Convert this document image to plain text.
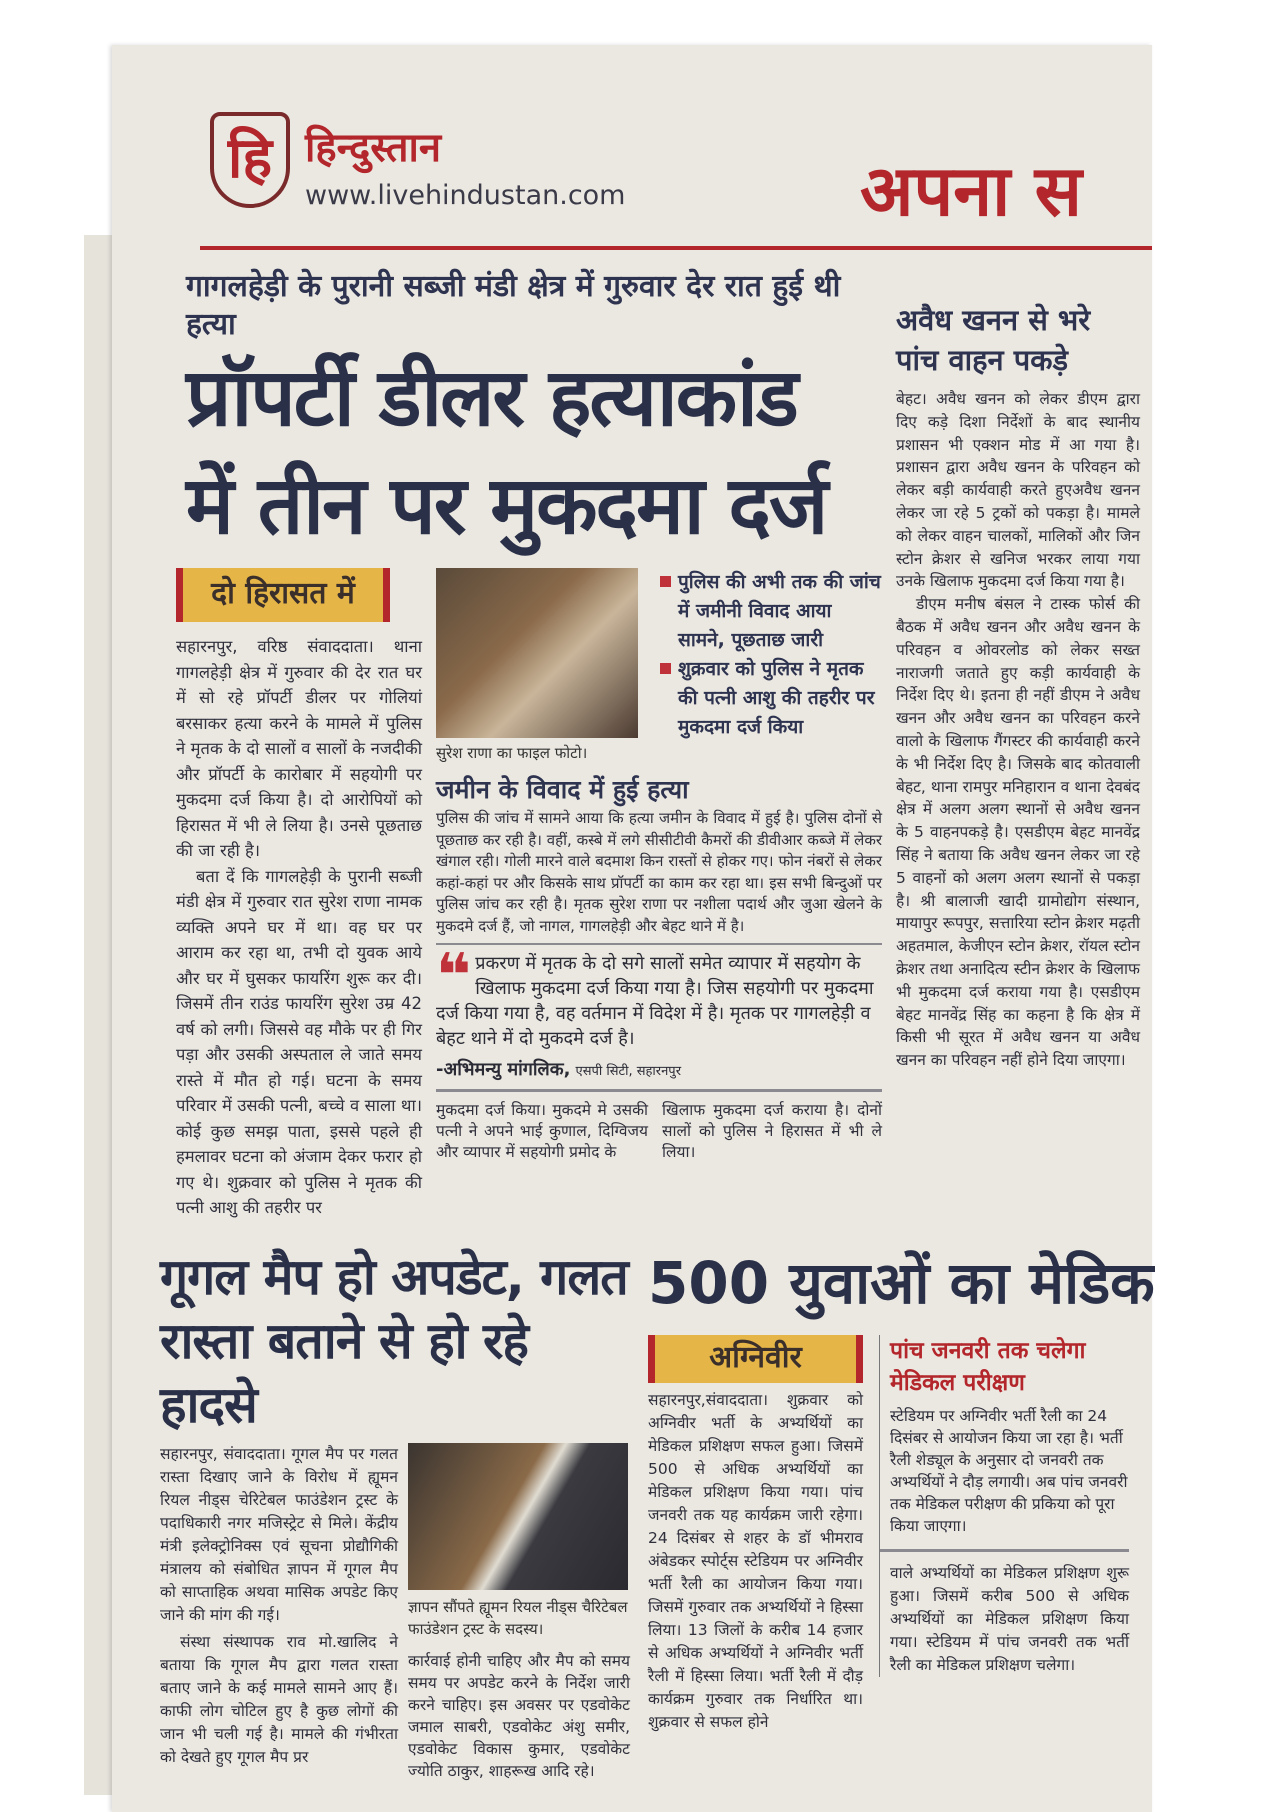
हि हिन्दुस्तान
www.livehindustan.com	अपना स
गागलहेड़ी के पुरानी सब्जी मंडी क्षेत्र में गुरुवार देर रात हुई थी हत्या
प्रॉपर्टी डीलर हत्याकांड
में तीन पर मुकदमा दर्ज
दो हिरासत में

सहारनपुर, वरिष्ठ संवाददाता। थाना गागलहेड़ी क्षेत्र में गुरुवार की देर रात घर में सो रहे प्रॉपर्टी डीलर पर गोलियां बरसाकर हत्या करने के मामले में पुलिस ने मृतक के दो सालों व सालों के नजदीकी और प्रॉपर्टी के कारोबार में सहयोगी पर मुकदमा दर्ज किया है। दो आरोपियों को हिरासत में भी ले लिया है। उनसे पूछताछ की जा रही है।

बता दें कि गागलहेड़ी के पुरानी सब्जी मंडी क्षेत्र में गुरुवार रात सुरेश राणा नामक व्यक्ति अपने घर में था। वह घर पर आराम कर रहा था, तभी दो युवक आये और घर में घुसकर फायरिंग शुरू कर दी। जिसमें तीन राउंड फायरिंग सुरेश उम्र 42 वर्ष को लगी। जिससे वह मौके पर ही गिर पड़ा और उसकी अस्पताल ले जाते समय रास्ते में मौत हो गई। घटना के समय परिवार में उसकी पत्नी, बच्चे व साला था। कोई कुछ समझ पाता, इससे पहले ही हमलावर घटना को अंजाम देकर फरार हो गए थे। शुक्रवार को पुलिस ने मृतक की पत्नी आशु की तहरीर पर

सुरेश राणा का फाइल फोटो।
पुलिस की अभी तक की जांच में जमीनी विवाद आया सामने, पूछताछ जारी
शुक्रवार को पुलिस ने मृतक की पत्नी आशु की तहरीर पर मुकदमा दर्ज किया
जमीन के विवाद में हुई हत्या
पुलिस की जांच में सामने आया कि हत्या जमीन के विवाद में हुई है। पुलिस दोनों से पूछताछ कर रही है। वहीं, कस्बे में लगे सीसीटीवी कैमरों की डीवीआर कब्जे में लेकर खंगाल रही। गोली मारने वाले बदमाश किन रास्तों से होकर गए। फोन नंबरों से लेकर कहां-कहां पर और किसके साथ प्रॉपर्टी का काम कर रहा था। इस सभी बिन्दुओं पर पुलिस जांच कर रही है। मृतक सुरेश राणा पर नशीला पदार्थ और जुआ खेलने के मुकदमे दर्ज हैं, जो नागल, गागलहेड़ी और बेहट थाने में है।
❝ प्रकरण में मृतक के दो सगे सालों समेत व्यापार में सहयोग के खिलाफ मुकदमा दर्ज किया गया है। जिस सहयोगी पर मुकदमा दर्ज किया गया है, वह वर्तमान में विदेश में है। मृतक पर गागलहेड़ी व बेहट थाने में दो मुकदमे दर्ज है।
-अभिमन्यु मांगलिक, एसपी सिटी, सहारनपुर
मुकदमा दर्ज किया। मुकदमे मे उसकी पत्नी ने अपने भाई कुणाल, दिग्विजय और व्यापार में सहयोगी प्रमोद के
खिलाफ मुकदमा दर्ज कराया है। दोनों सालों को पुलिस ने हिरासत में भी ले लिया।
अवैध खनन से भरे पांच वाहन पकड़े

बेहट। अवैध खनन को लेकर डीएम द्वारा दिए कड़े दिशा निर्देशों के बाद स्थानीय प्रशासन भी एक्शन मोड में आ गया है। प्रशासन द्वारा अवैध खनन के परिवहन को लेकर बड़ी कार्यवाही करते हुएअवैध खनन लेकर जा रहे 5 ट्रकों को पकड़ा है। मामले को लेकर वाहन चालकों, मालिकों और जिन स्टोन क्रेशर से खनिज भरकर लाया गया उनके खिलाफ मुकदमा दर्ज किया गया है।

डीएम मनीष बंसल ने टास्क फोर्स की बैठक में अवैध खनन और अवैध खनन के परिवहन व ओवरलोड को लेकर सख्त नाराजगी जताते हुए कड़ी कार्यवाही के निर्देश दिए थे। इतना ही नहीं डीएम ने अवैध खनन और अवैध खनन का परिवहन करने वालो के खिलाफ गैंगस्टर की कार्यवाही करने के भी निर्देश दिए है। जिसके बाद कोतवाली बेहट, थाना रामपुर मनिहारान व थाना देवबंद क्षेत्र में अलग अलग स्थानों से अवैध खनन के 5 वाहनपकड़े है। एसडीएम बेहट मानवेंद्र सिंह ने बताया कि अवैध खनन लेकर जा रहे 5 वाहनों को अलग अलग स्थानों से पकड़ा है। श्री बालाजी खादी ग्रामोद्योग संस्थान, मायापुर रूपपुर, सत्तारिया स्टोन क्रेशर मढ़ती अहतमाल, केजीएन स्टोन क्रेशर, रॉयल स्टोन क्रेशर तथा अनादित्य स्टीन क्रेशर के खिलाफ भी मुकदमा दर्ज कराया गया है। एसडीएम बेहट मानवेंद्र सिंह का कहना है कि क्षेत्र में किसी भी सूरत में अवैध खनन या अवैध खनन का परिवहन नहीं होने दिया जाएगा।

गूगल मैप हो अपडेट, गलत रास्ता बताने से हो रहे हादसे

सहारनपुर, संवाददाता। गूगल मैप पर गलत रास्ता दिखाए जाने के विरोध में ह्यूमन रियल नीड्स चेरिटेबल फाउंडेशन ट्रस्ट के पदाधिकारी नगर मजिस्ट्रेट से मिले। केंद्रीय मंत्री इलेक्ट्रोनिक्स एवं सूचना प्रोद्यौगिकी मंत्रालय को संबोधित ज्ञापन में गूगल मैप को साप्ताहिक अथवा मासिक अपडेट किए जाने की मांग की गई।

संस्था संस्थापक राव मो.खालिद ने बताया कि गूगल मैप द्वारा गलत रास्ता बताए जाने के कई मामले सामने आए हैं। काफी लोग चोटिल हुए है कुछ लोगों की जान भी चली गई है। मामले की गंभीरता को देखते हुए गूगल मैप प्रर

ज्ञापन सौंपते ह्यूमन रियल नीड्स चैरिटेबल फाउंडेशन ट्रस्ट के सदस्य।
कार्रवाई होनी चाहिए और मैप को समय समय पर अपडेट करने के निर्देश जारी करने चाहिए। इस अवसर पर एडवोकेट जमाल साबरी, एडवोकेट अंशु समीर, एडवोकेट विकास कुमार, एडवोकेट ज्योति ठाकुर, शाहरूख आदि रहे।
500 युवाओं का मेडिक
अग्निवीर
सहारनपुर,संवाददाता। शुक्रवार को अग्निवीर भर्ती के अभ्यर्थियों का मेडिकल प्रशिक्षण सफल हुआ। जिसमें 500 से अधिक अभ्यर्थियों का मेडिकल प्रशिक्षण किया गया। पांच जनवरी तक यह कार्यक्रम जारी रहेगा। 24 दिसंबर से शहर के डॉ भीमराव अंबेडकर स्पोर्ट्स स्टेडियम पर अग्निवीर भर्ती रैली का आयोजन किया गया। जिसमें गुरुवार तक अभ्यर्थियों ने हिस्सा लिया। 13 जिलों के करीब 14 हजार से अधिक अभ्यर्थियों ने अग्निवीर भर्ती रैली में हिस्सा लिया। भर्ती रैली में दौड़ कार्यक्रम गुरुवार तक निर्धारित था। शुक्रवार से सफल होने
पांच जनवरी तक चलेगा मेडिकल परीक्षण
स्टेडियम पर अग्निवीर भर्ती रैली का 24 दिसंबर से आयोजन किया जा रहा है। भर्ती रैली शेड्यूल के अनुसार दो जनवरी तक अभ्यर्थियों ने दौड़ लगायी। अब पांच जनवरी तक मेडिकल परीक्षण की प्रकिया को पूरा किया जाएगा।
वाले अभ्यर्थियों का मेडिकल प्रशिक्षण शुरू हुआ। जिसमें करीब 500 से अधिक अभ्यर्थियों का मेडिकल प्रशिक्षण किया गया। स्टेडियम में पांच जनवरी तक भर्ती रैली का मेडिकल प्रशिक्षण चलेगा।
